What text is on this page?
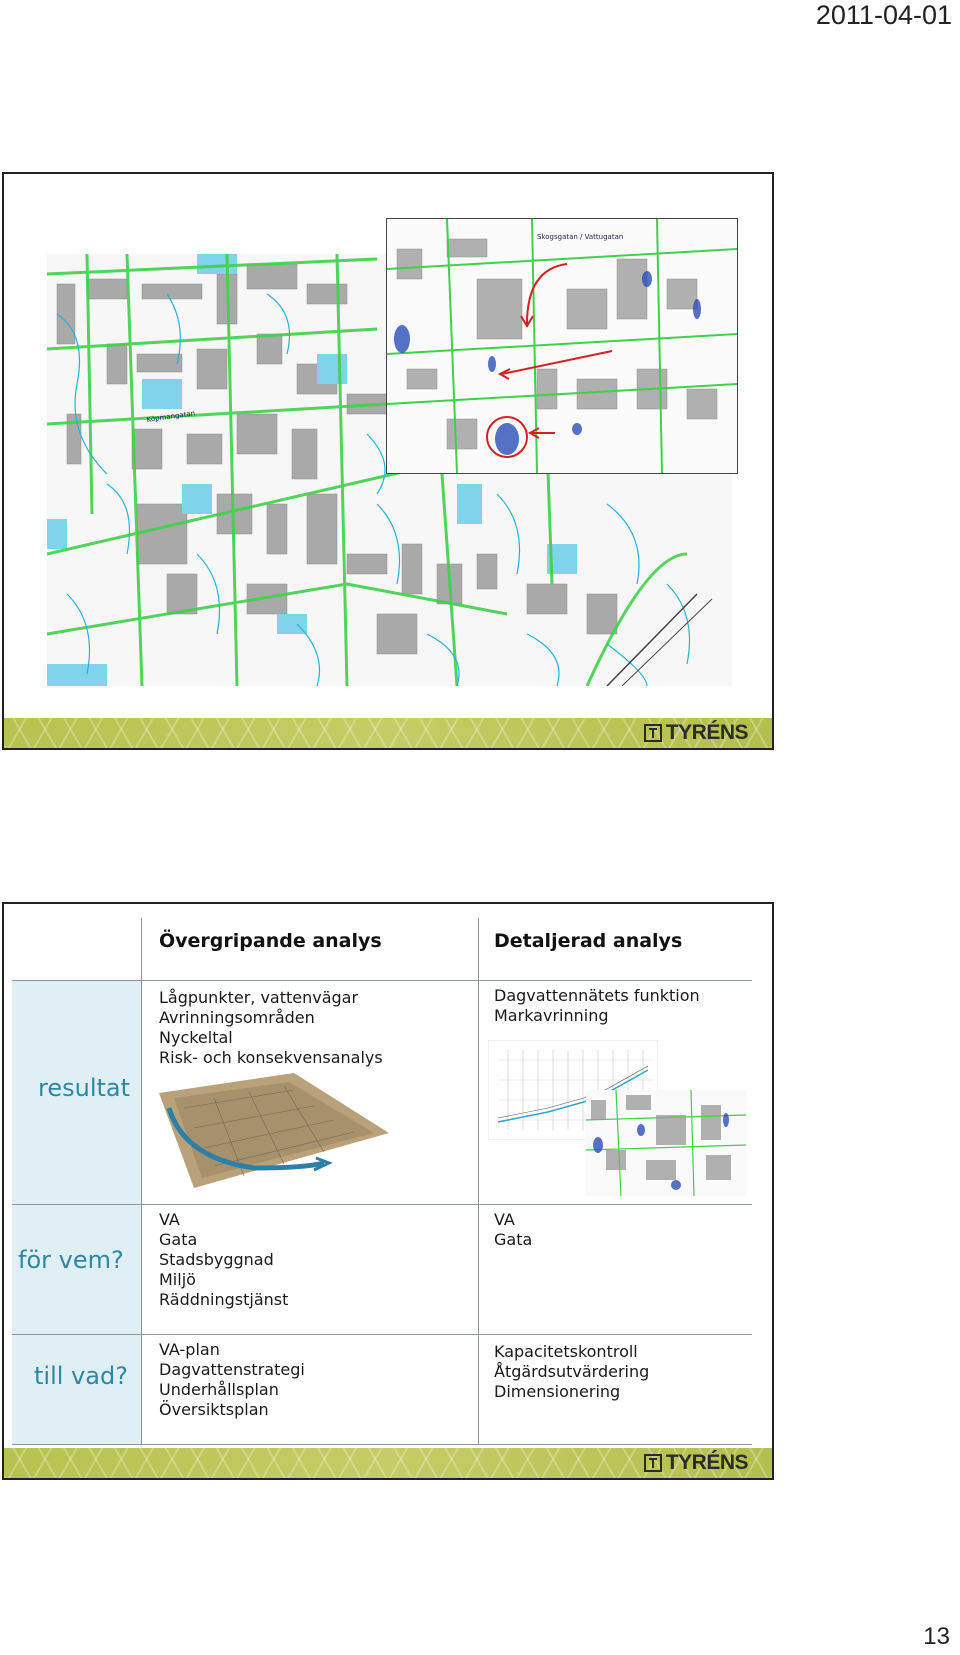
2011-04-01
Köpmangatan
Skogsgatan / Vattugatan
TYRÉNS
Övergripande analys	Detaljerad analys
resultat
för vem?
till vad?
Lågpunkter, vattenvägar
Avrinningsområden
Nyckeltal
Risk- och konsekvensanalys
Dagvattennätets funktion
Markavrinning
VA
Gata
Stadsbyggnad
Miljö
Räddningstjänst
VA
Gata
VA-plan
Dagvattenstrategi
Underhållsplan
Översiktsplan
Kapacitetskontroll
Åtgärdsutvärdering
Dimensionering
TYRÉNS
13
